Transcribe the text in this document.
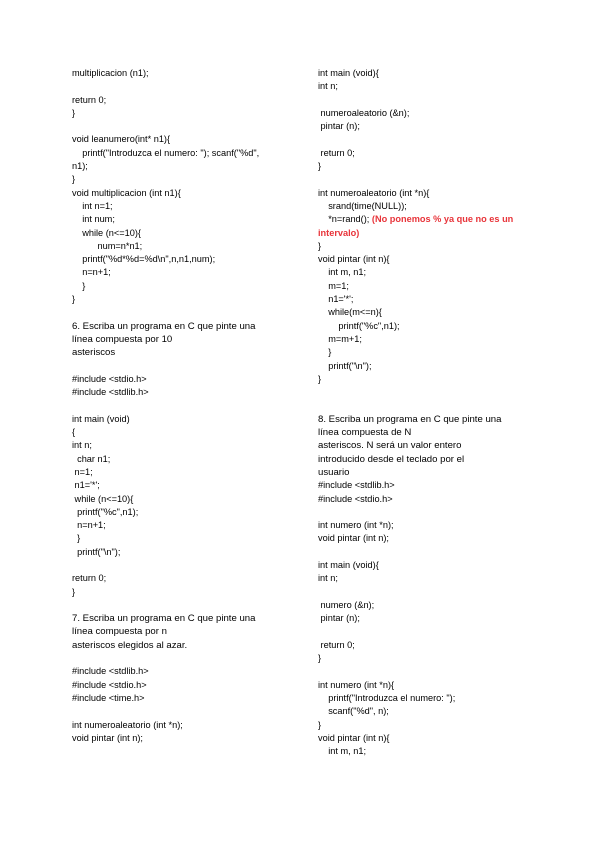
multiplicacion (n1);
return 0;
}
void leanumero(int* n1){
printf("Introduzca el numero: "); scanf("%d",
n1);
}
void multiplicacion (int n1){
int n=1;
int num;
while (n<=10){
num=n*n1;
printf("%d*%d=%d\n",n,n1,num);
n=n+1;
}
}
6. Escriba un programa en C que pinte una
línea compuesta por 10
asteriscos
#include <stdio.h>
#include <stdlib.h>
int main (void)
{
int n;
char n1;
n=1;
n1='*';
while (n<=10){
printf("%c",n1);
n=n+1;
}
printf("\n");
return 0;
}
7. Escriba un programa en C que pinte una
línea compuesta por n
asteriscos elegidos al azar.
#include <stdlib.h>
#include <stdio.h>
#include <time.h>
int numeroaleatorio (int *n);
void pintar (int n);
int main (void){
int n;
numeroaleatorio (&n);
pintar (n);
return 0;
}
int numeroaleatorio (int *n){
srand(time(NULL));
*n=rand(); (No ponemos % ya que no es un intervalo)
}
void pintar (int n){
int m, n1;
m=1;
n1='*';
while(m<=n){
printf("%c",n1);
m=m+1;
}
printf("\n");
}
8. Escriba un programa en C que pinte una
línea compuesta de N
asteriscos. N será un valor entero
introducido desde el teclado por el
usuario
#include <stdlib.h>
#include <stdio.h>
int numero (int *n);
void pintar (int n);
int main (void){
int n;
numero (&n);
pintar (n);
return 0;
}
int numero (int *n){
printf("Introduzca el numero: ");
scanf("%d", n);
}
void pintar (int n){
int m, n1;
